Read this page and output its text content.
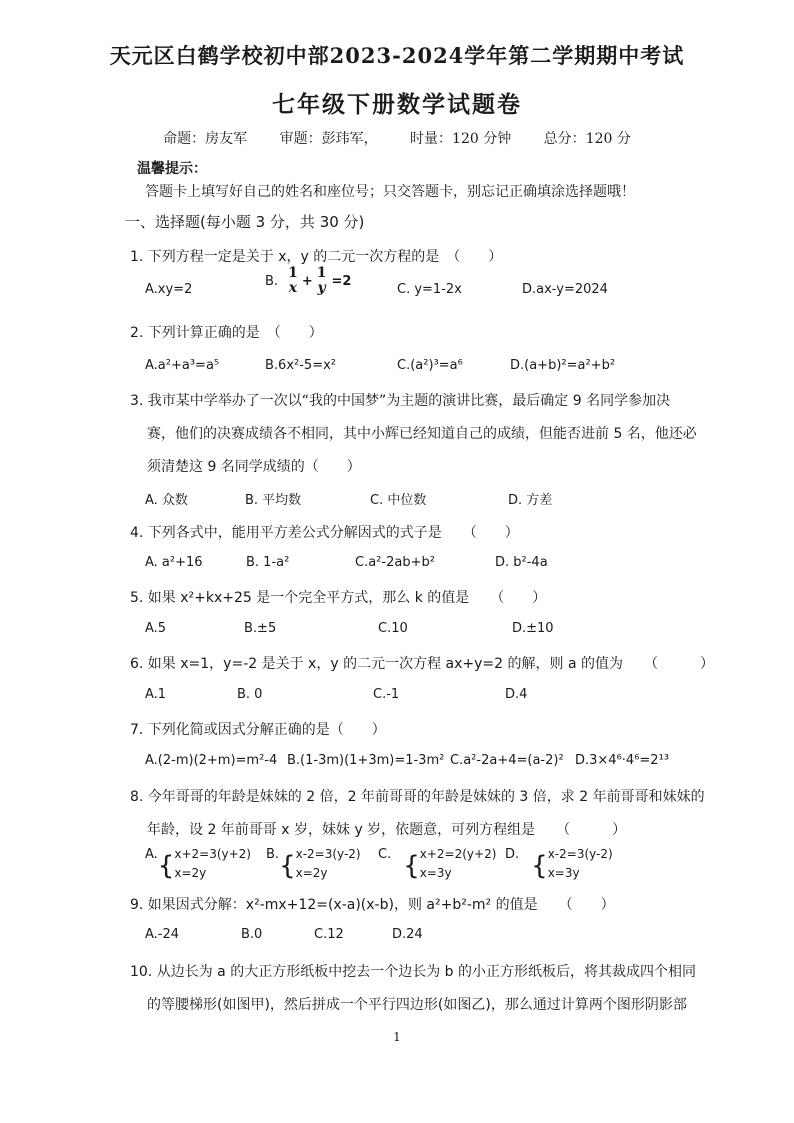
天元区白鹤学校初中部2023-2024学年第二学期期中考试
七年级下册数学试题卷
命题：房友军 审题：彭玮军， 时量：120 分钟 总分：120 分
温馨提示：
答题卡上填写好自己的姓名和座位号；只交答题卡，别忘记正确填涂选择题哦！
一、选择题(每小题 3 分，共 30 分)
1. 下列方程一定是关于 x，y 的二元一次方程的是　（　　）
A.xy=2
B. 1
x + 1
y =2
C. y=1-2x	D.ax-y=2024
2. 下列计算正确的是　（　　）
A.a²+a³=a⁵	B.6x²-5=x²	C.(a²)³=a⁶	D.(a+b)²=a²+b²
3. 我市某中学举办了一次以“我的中国梦”为主题的演讲比赛，最后确定 9 名同学参加决
赛，他们的决赛成绩各不相同，其中小辉已经知道自己的成绩，但能否进前 5 名，他还必
须清楚这 9 名同学成绩的（　　）
A. 众数	B. 平均数	C. 中位数	D. 方差
4. 下列各式中，能用平方差公式分解因式的式子是　　（　　）
A. a²+16	B. 1-a²	C.a²-2ab+b²	D. b²-4a
5. 如果 x²+kx+25 是一个完全平方式，那么 k 的值是　　（　　）
A.5	B.±5	C.10	D.±10
6. 如果 x=1，y=-2 是关于 x，y 的二元一次方程 ax+y=2 的解，则 a 的值为　　（　　　）
A.1	B. 0	C.-1	D.4
7. 下列化简或因式分解正确的是（　　）
A.(2-m)(2+m)=m²-4 B.(1-3m)(1+3m)=1-3m² C.a²-2a+4=(a-2)² D.3×4⁶·4⁶=2¹³
8. 今年哥哥的年龄是妹妹的 2 倍，2 年前哥哥的年龄是妹妹的 3 倍，求 2 年前哥哥和妹妹的
年龄，设 2 年前哥哥 x 岁，妹妹 y 岁，依题意，可列方程组是　　（　　　）
A. { x+2=3(y+2)
x=2y
B. { x-2=3(y-2)
x=2y
C. { x+2=2(y+2)
x=3y
D. { x-2=3(y-2)
x=3y
9. 如果因式分解：x²-mx+12=(x-a)(x-b)，则 a²+b²-m² 的值是　　（　　）
A.-24	B.0	C.12	D.24
10. 从边长为 a 的大正方形纸板中挖去一个边长为 b 的小正方形纸板后，将其裁成四个相同
的等腰梯形(如图甲)，然后拼成一个平行四边形(如图乙)，那么通过计算两个图形阴影部
1
